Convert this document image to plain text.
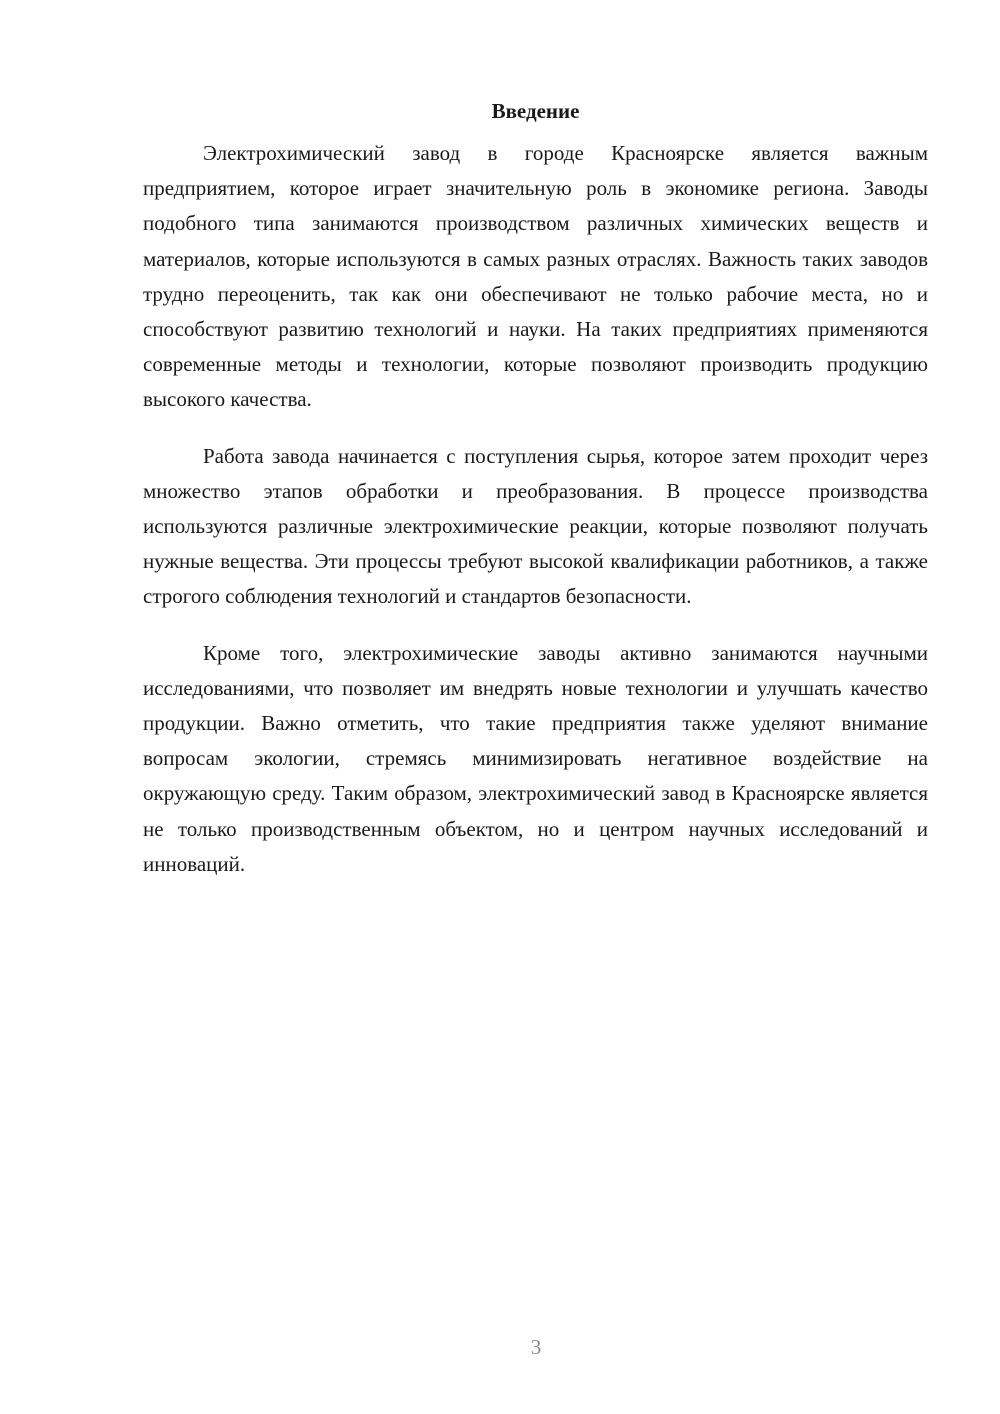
Введение

Электрохимический завод в городе Красноярске является важным предприятием, которое играет значительную роль в экономике региона. Заводы подобного типа занимаются производством различных химических веществ и материалов, которые используются в самых разных отраслях. Важность таких заводов трудно переоценить, так как они обеспечивают не только рабочие места, но и способствуют развитию технологий и науки. На таких предприятиях применяются современные методы и технологии, которые позволяют производить продукцию высокого качества.

Работа завода начинается с поступления сырья, которое затем проходит через множество этапов обработки и преобразования. В процессе производства используются различные электрохимические реакции, которые позволяют получать нужные вещества. Эти процессы требуют высокой квалификации работников, а также строгого соблюдения технологий и стандартов безопасности.

Кроме того, электрохимические заводы активно занимаются научными исследованиями, что позволяет им внедрять новые технологии и улучшать качество продукции. Важно отметить, что такие предприятия также уделяют внимание вопросам экологии, стремясь минимизировать негативное воздействие на окружающую среду. Таким образом, электрохимический завод в Красноярске является не только производственным объектом, но и центром научных исследований и инноваций.

3
